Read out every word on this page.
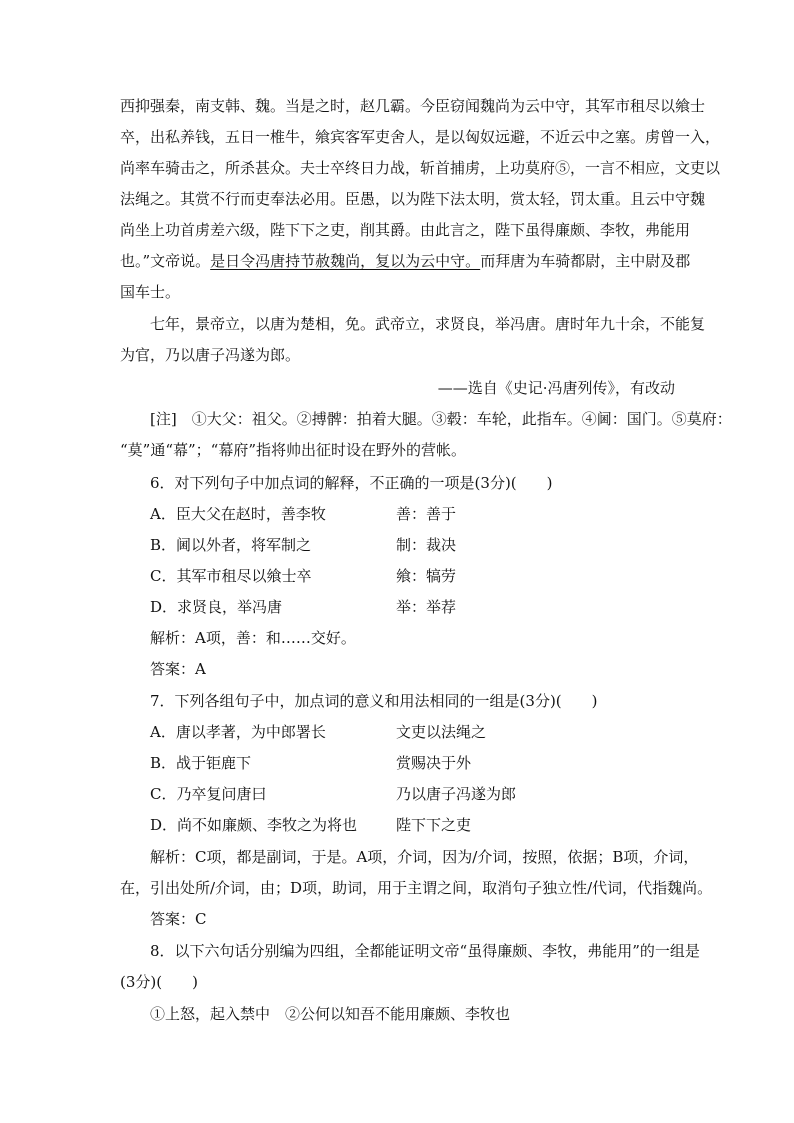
西抑强秦，南支韩、魏。当是之时，赵几霸。今臣窃闻魏尚为云中守，其军市租尽以飨士
卒，出私养钱，五日一椎牛，飨宾客军吏舍人，是以匈奴远避，不近云中之塞。虏曾一入，
尚率车骑击之，所杀甚众。夫士卒终日力战，斩首捕虏，上功莫府⑤，一言不相应，文吏以
法绳之。其赏不行而吏奉法必用。臣愚，以为陛下法太明，赏太轻，罚太重。且云中守魏
尚坐上功首虏差六级，陛下下之吏，削其爵。由此言之，陛下虽得廉颇、李牧，弗能用
也。”文帝说。是日令冯唐持节赦魏尚，复以为云中守。而拜唐为车骑都尉，主中尉及郡
国车士。
七年，景帝立，以唐为楚相，免。武帝立，求贤良，举冯唐。唐时年九十余，不能复
为官，乃以唐子冯遂为郎。
——选自《史记·冯唐列传》，有改动
[注]　①大父：祖父。②搏髀：拍着大腿。③毂：车轮，此指车。④阃：国门。⑤莫府：
“莫”通“幕”；“幕府”指将帅出征时设在野外的营帐。
6．对下列句子中加点词的解释，不正确的一项是(3分)(　　)
A．臣大父在赵时，善李牧	善：善于
B．阃以外者，将军制之	制：裁决
C．其军市租尽以飨士卒	飨：犒劳
D．求贤良，举冯唐	举：举荐
解析：A项，善：和……交好。
答案：A
7．下列各组句子中，加点词的意义和用法相同的一组是(3分)(　　)
A．唐以孝著，为中郎署长	文吏以法绳之
B．战于钜鹿下	赏赐决于外
C．乃卒复问唐曰	乃以唐子冯遂为郎
D．尚不如廉颇、李牧之为将也	陛下下之吏
解析：C项，都是副词，于是。A项，介词，因为/介词，按照，依据；B项，介词，
在，引出处所/介词，由；D项，助词，用于主谓之间，取消句子独立性/代词，代指魏尚。
答案：C
8．以下六句话分别编为四组，全都能证明文帝“虽得廉颇、李牧，弗能用”的一组是
(3分)(　　)
①上怒，起入禁中　②公何以知吾不能用廉颇、李牧也
